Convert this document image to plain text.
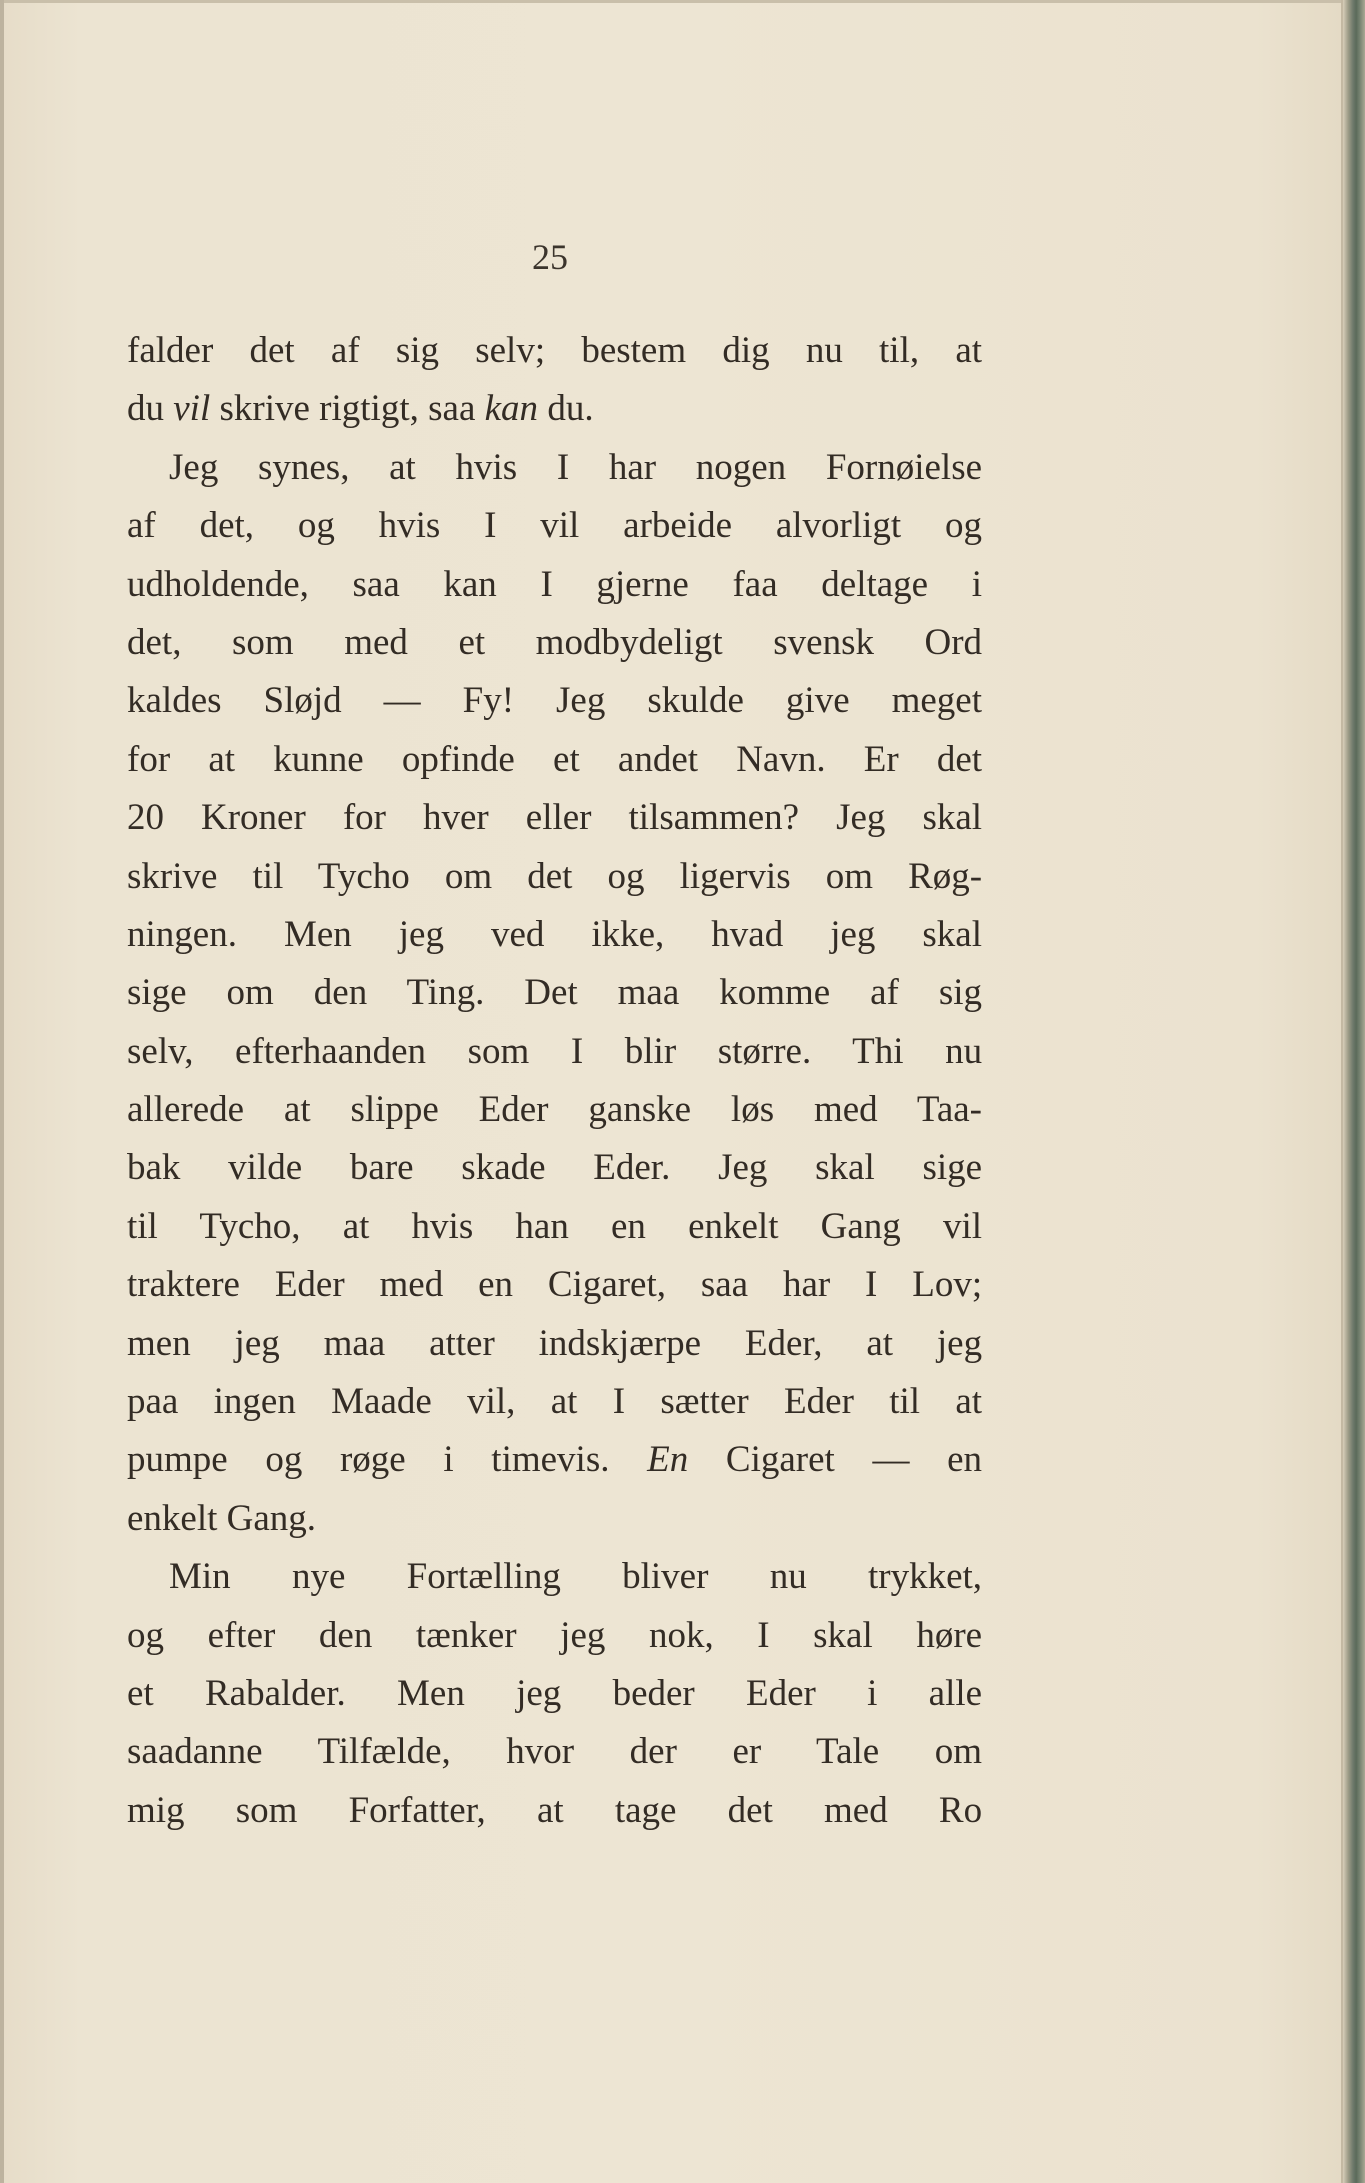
25
falder det af sig selv; bestem dig nu til, at
du vil skrive rigtigt, saa kan du.
Jeg synes, at hvis I har nogen Fornøielse
af det, og hvis I vil arbeide alvorligt og
udholdende, saa kan I gjerne faa deltage i
det, som med et modbydeligt svensk Ord
kaldes Sløjd — Fy! Jeg skulde give meget
for at kunne opfinde et andet Navn. Er det
20 Kroner for hver eller tilsammen? Jeg skal
skrive til Tycho om det og ligervis om Røg-
ningen. Men jeg ved ikke, hvad jeg skal
sige om den Ting. Det maa komme af sig
selv, efterhaanden som I blir større. Thi nu
allerede at slippe Eder ganske løs med Taa-
bak vilde bare skade Eder. Jeg skal sige
til Tycho, at hvis han en enkelt Gang vil
traktere Eder med en Cigaret, saa har I Lov;
men jeg maa atter indskjærpe Eder, at jeg
paa ingen Maade vil, at I sætter Eder til at
pumpe og røge i timevis. En Cigaret — en
enkelt Gang.
Min nye Fortælling bliver nu trykket,
og efter den tænker jeg nok, I skal høre
et Rabalder. Men jeg beder Eder i alle
saadanne Tilfælde, hvor der er Tale om
mig som Forfatter, at tage det med Ro
